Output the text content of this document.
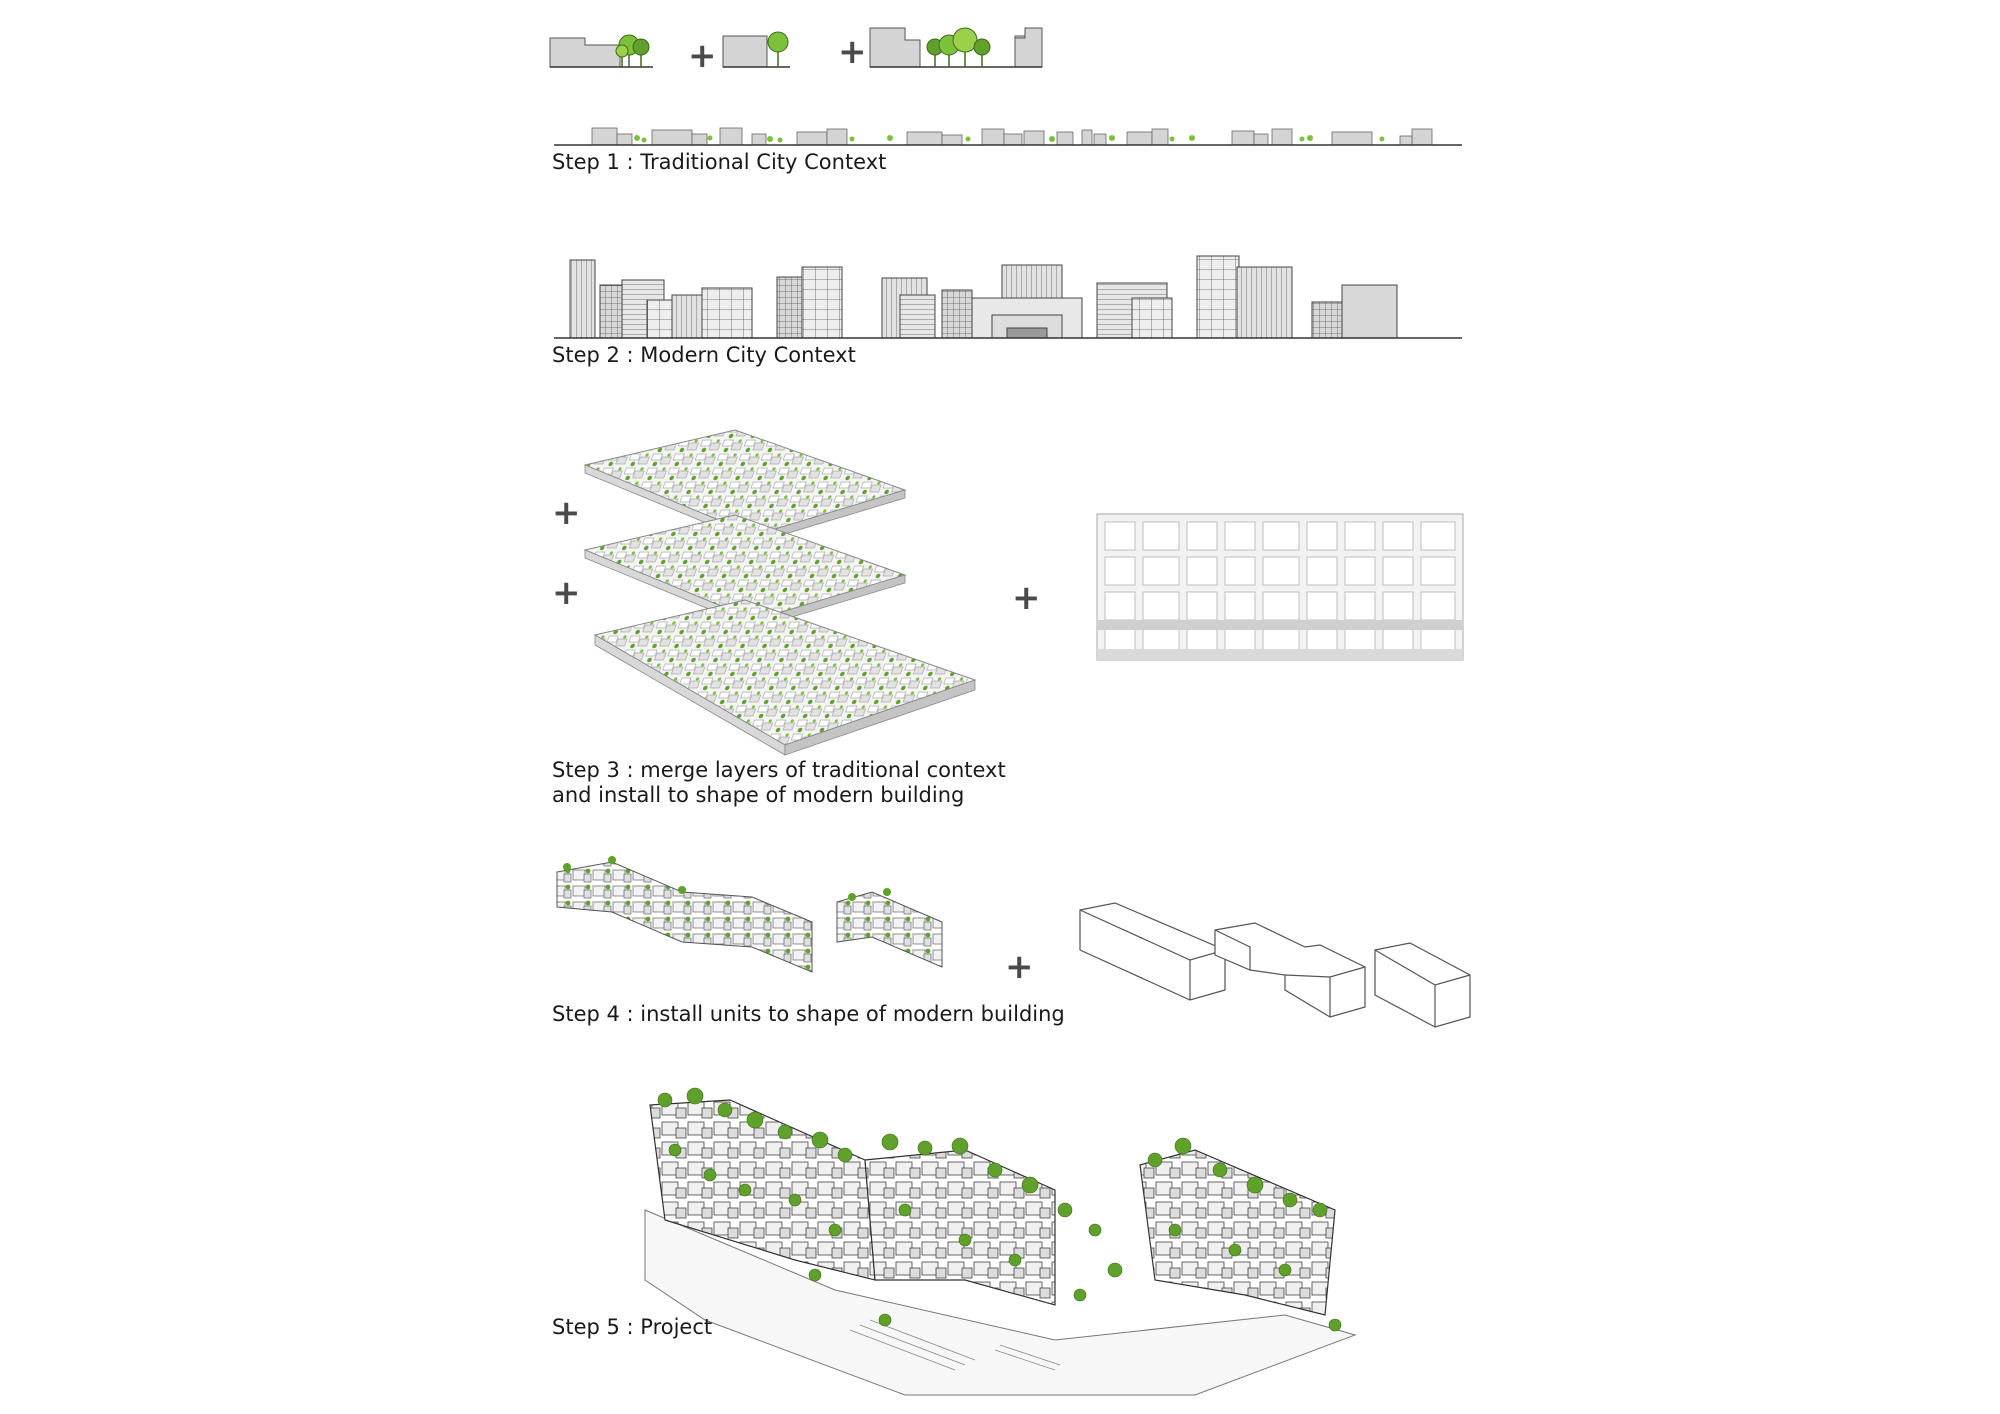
+	+
Step 1 : Traditional City Context
Step 2 : Modern City Context
+
+	+
Step 3 : merge layers of traditional context
and install to shape of modern building
+
Step 4 : install units to shape of modern building
Step 5 : Project
